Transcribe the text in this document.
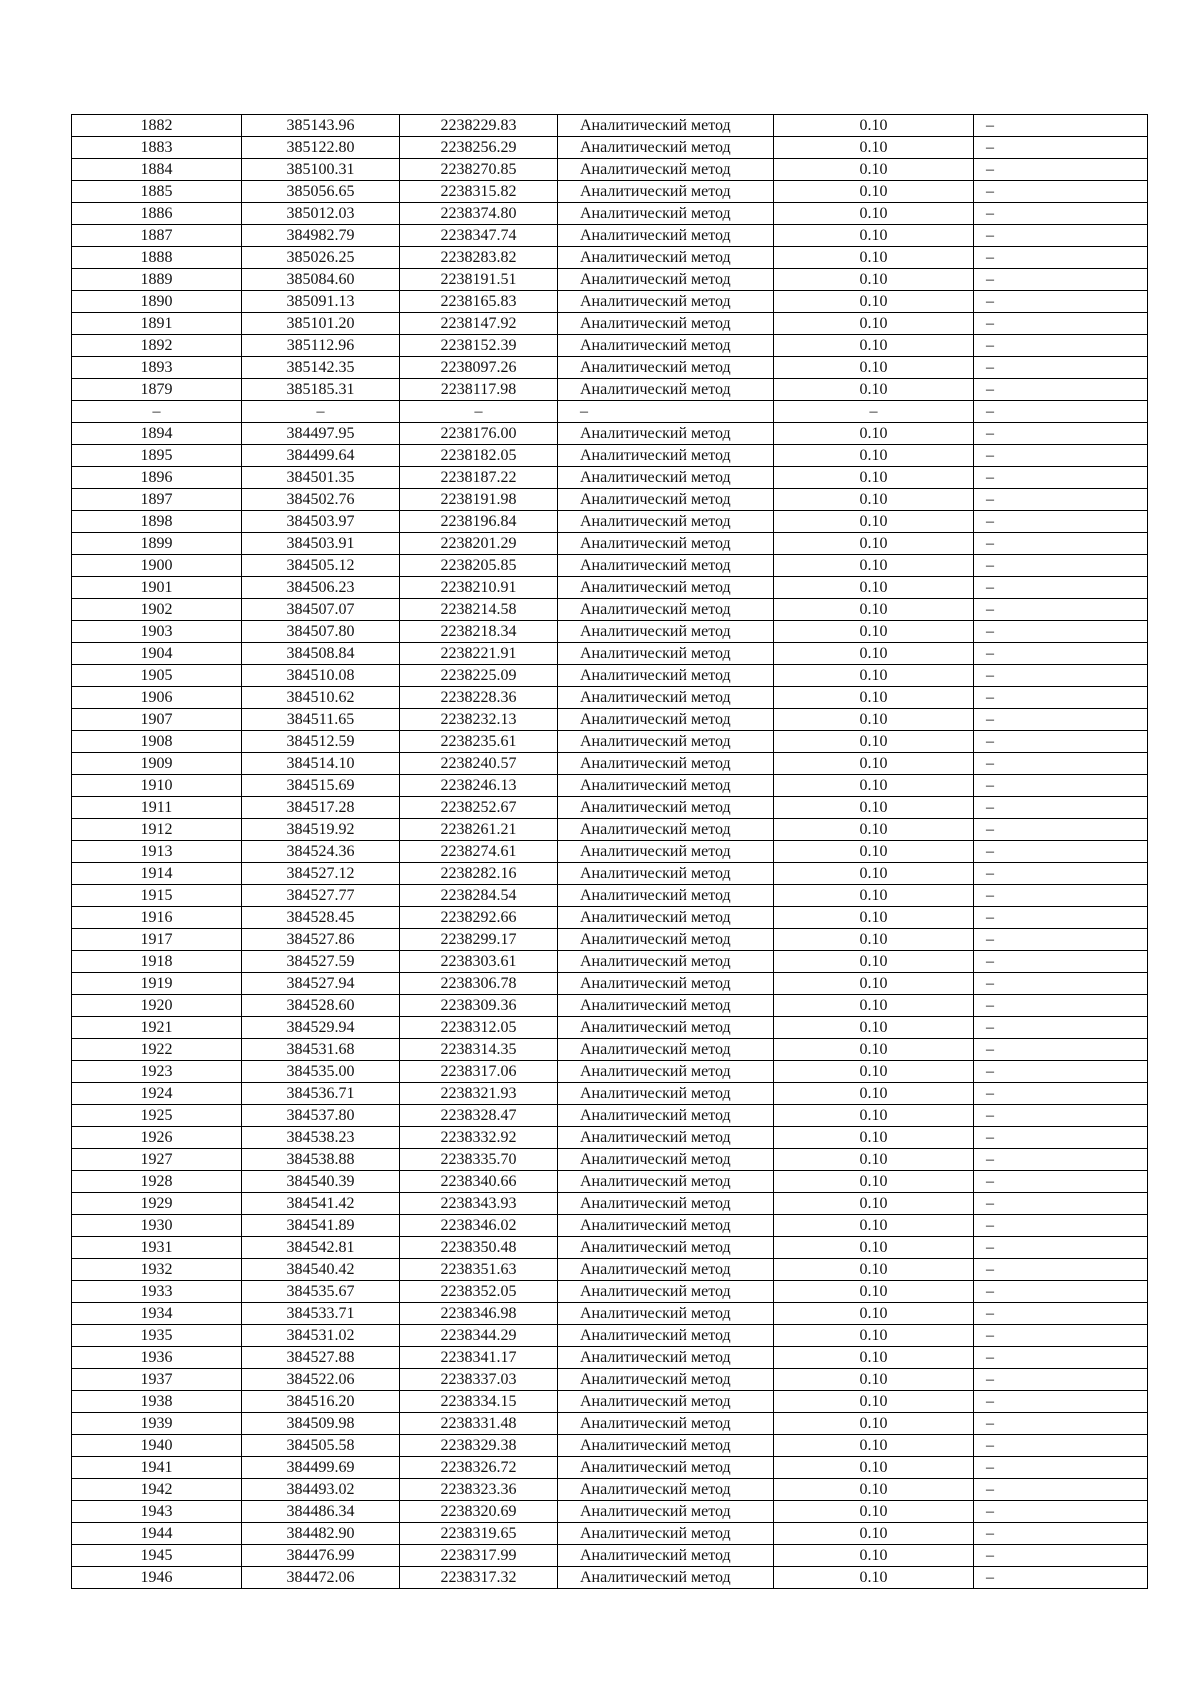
1882	385143.96	2238229.83	Аналитический метод	0.10	–
1883	385122.80	2238256.29	Аналитический метод	0.10	–
1884	385100.31	2238270.85	Аналитический метод	0.10	–
1885	385056.65	2238315.82	Аналитический метод	0.10	–
1886	385012.03	2238374.80	Аналитический метод	0.10	–
1887	384982.79	2238347.74	Аналитический метод	0.10	–
1888	385026.25	2238283.82	Аналитический метод	0.10	–
1889	385084.60	2238191.51	Аналитический метод	0.10	–
1890	385091.13	2238165.83	Аналитический метод	0.10	–
1891	385101.20	2238147.92	Аналитический метод	0.10	–
1892	385112.96	2238152.39	Аналитический метод	0.10	–
1893	385142.35	2238097.26	Аналитический метод	0.10	–
1879	385185.31	2238117.98	Аналитический метод	0.10	–
–	–	–	–	–	–
1894	384497.95	2238176.00	Аналитический метод	0.10	–
1895	384499.64	2238182.05	Аналитический метод	0.10	–
1896	384501.35	2238187.22	Аналитический метод	0.10	–
1897	384502.76	2238191.98	Аналитический метод	0.10	–
1898	384503.97	2238196.84	Аналитический метод	0.10	–
1899	384503.91	2238201.29	Аналитический метод	0.10	–
1900	384505.12	2238205.85	Аналитический метод	0.10	–
1901	384506.23	2238210.91	Аналитический метод	0.10	–
1902	384507.07	2238214.58	Аналитический метод	0.10	–
1903	384507.80	2238218.34	Аналитический метод	0.10	–
1904	384508.84	2238221.91	Аналитический метод	0.10	–
1905	384510.08	2238225.09	Аналитический метод	0.10	–
1906	384510.62	2238228.36	Аналитический метод	0.10	–
1907	384511.65	2238232.13	Аналитический метод	0.10	–
1908	384512.59	2238235.61	Аналитический метод	0.10	–
1909	384514.10	2238240.57	Аналитический метод	0.10	–
1910	384515.69	2238246.13	Аналитический метод	0.10	–
1911	384517.28	2238252.67	Аналитический метод	0.10	–
1912	384519.92	2238261.21	Аналитический метод	0.10	–
1913	384524.36	2238274.61	Аналитический метод	0.10	–
1914	384527.12	2238282.16	Аналитический метод	0.10	–
1915	384527.77	2238284.54	Аналитический метод	0.10	–
1916	384528.45	2238292.66	Аналитический метод	0.10	–
1917	384527.86	2238299.17	Аналитический метод	0.10	–
1918	384527.59	2238303.61	Аналитический метод	0.10	–
1919	384527.94	2238306.78	Аналитический метод	0.10	–
1920	384528.60	2238309.36	Аналитический метод	0.10	–
1921	384529.94	2238312.05	Аналитический метод	0.10	–
1922	384531.68	2238314.35	Аналитический метод	0.10	–
1923	384535.00	2238317.06	Аналитический метод	0.10	–
1924	384536.71	2238321.93	Аналитический метод	0.10	–
1925	384537.80	2238328.47	Аналитический метод	0.10	–
1926	384538.23	2238332.92	Аналитический метод	0.10	–
1927	384538.88	2238335.70	Аналитический метод	0.10	–
1928	384540.39	2238340.66	Аналитический метод	0.10	–
1929	384541.42	2238343.93	Аналитический метод	0.10	–
1930	384541.89	2238346.02	Аналитический метод	0.10	–
1931	384542.81	2238350.48	Аналитический метод	0.10	–
1932	384540.42	2238351.63	Аналитический метод	0.10	–
1933	384535.67	2238352.05	Аналитический метод	0.10	–
1934	384533.71	2238346.98	Аналитический метод	0.10	–
1935	384531.02	2238344.29	Аналитический метод	0.10	–
1936	384527.88	2238341.17	Аналитический метод	0.10	–
1937	384522.06	2238337.03	Аналитический метод	0.10	–
1938	384516.20	2238334.15	Аналитический метод	0.10	–
1939	384509.98	2238331.48	Аналитический метод	0.10	–
1940	384505.58	2238329.38	Аналитический метод	0.10	–
1941	384499.69	2238326.72	Аналитический метод	0.10	–
1942	384493.02	2238323.36	Аналитический метод	0.10	–
1943	384486.34	2238320.69	Аналитический метод	0.10	–
1944	384482.90	2238319.65	Аналитический метод	0.10	–
1945	384476.99	2238317.99	Аналитический метод	0.10	–
1946	384472.06	2238317.32	Аналитический метод	0.10	–
